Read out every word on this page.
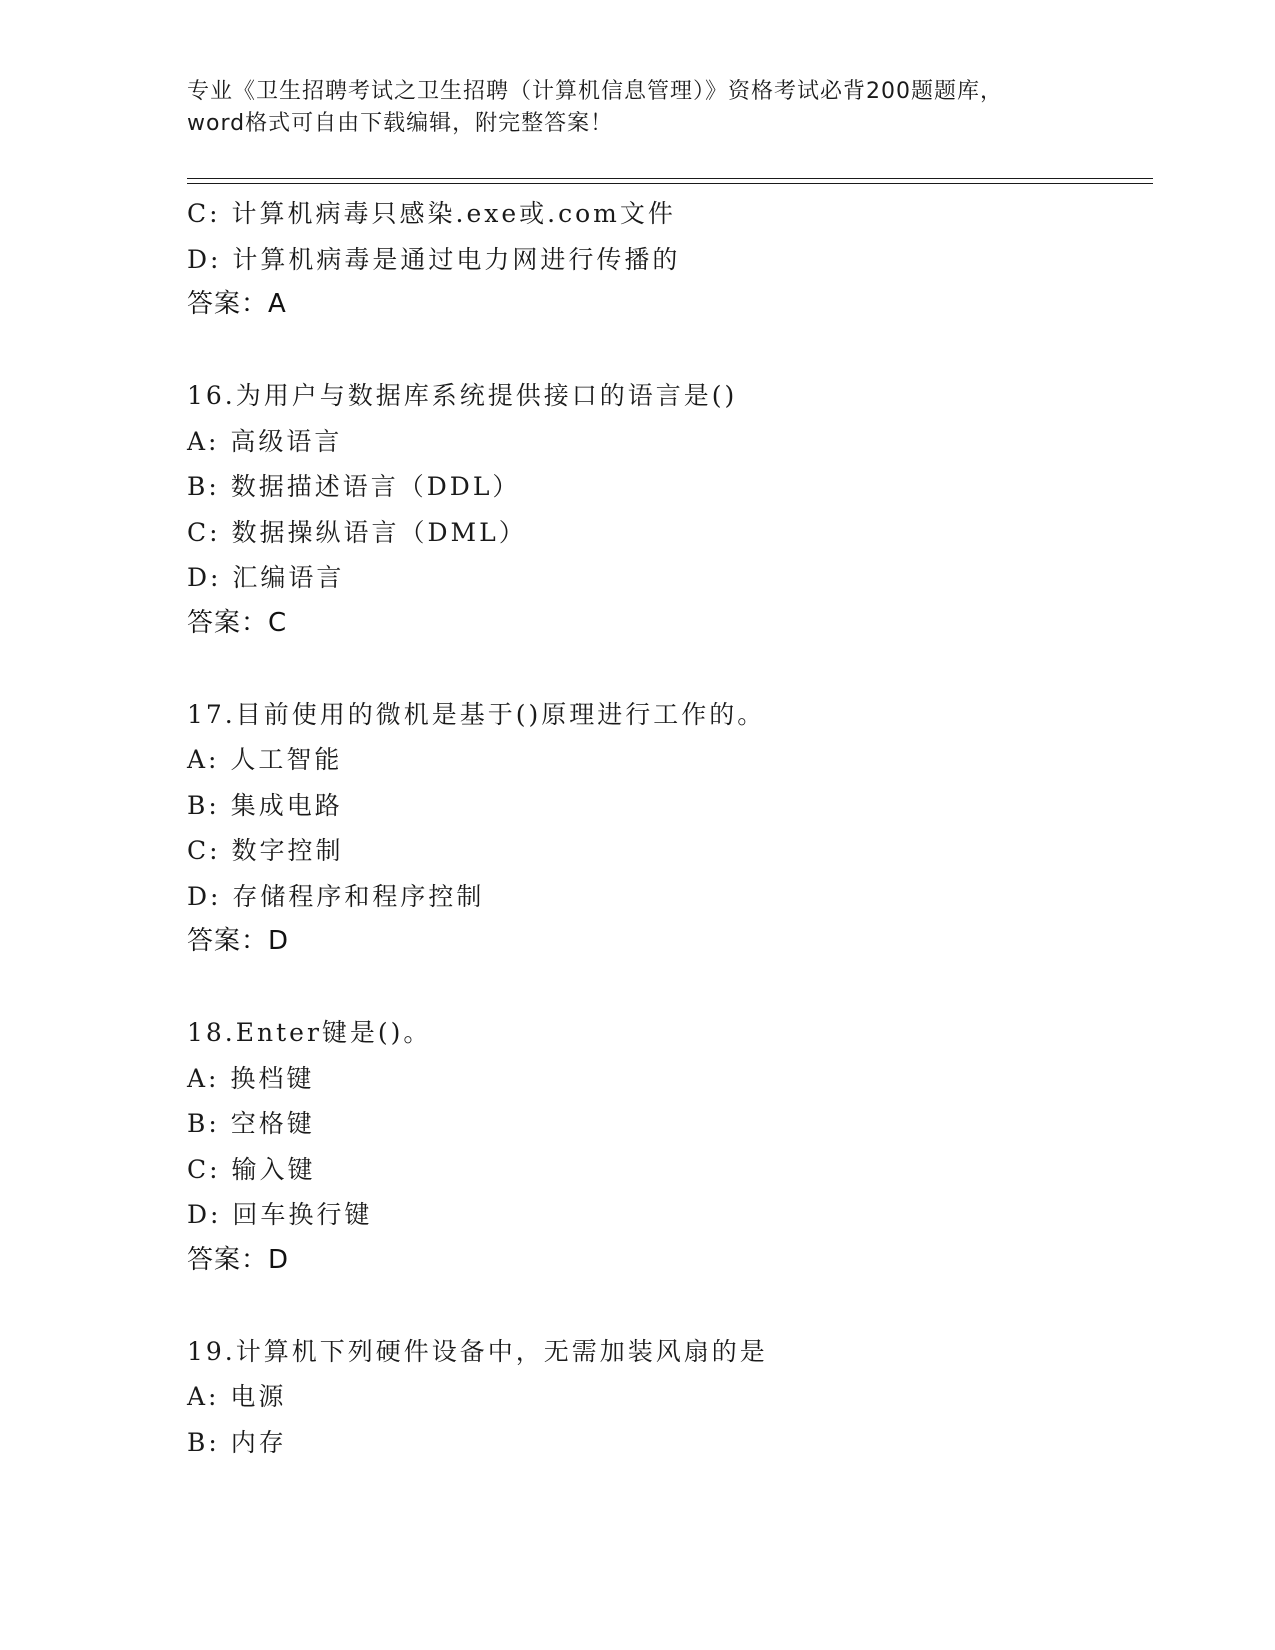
专业《卫生招聘考试之卫生招聘（计算机信息管理）》资格考试必背200题题库，
word格式可自由下载编辑，附完整答案！
C: 计算机病毒只感染.exe或.com文件
D: 计算机病毒是通过电力网进行传播的
答案：A
16.为用户与数据库系统提供接口的语言是()
A: 高级语言
B: 数据描述语言（DDL）
C: 数据操纵语言（DML）
D: 汇编语言
答案：C
17.目前使用的微机是基于()原理进行工作的。
A: 人工智能
B: 集成电路
C: 数字控制
D: 存储程序和程序控制
答案：D
18.Enter键是()。
A: 换档键
B: 空格键
C: 输入键
D: 回车换行键
答案：D
19.计算机下列硬件设备中，无需加装风扇的是
A: 电源
B: 内存
